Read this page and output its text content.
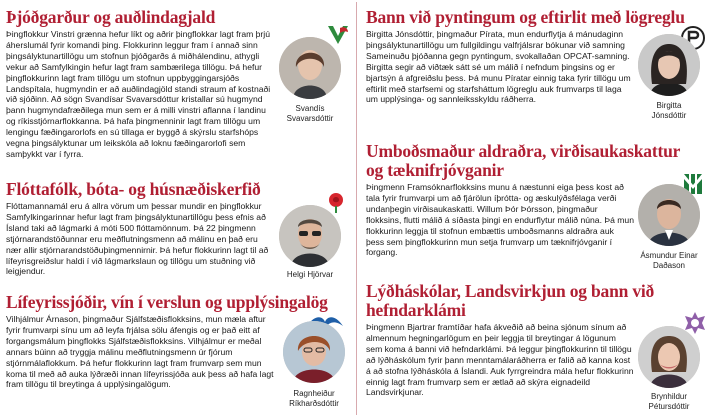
Þjóðgarður og auðlindagjald

Þingflokkur Vinstri grænna hefur líkt og aðrir þingflokkar lagt fram þrjú áherslumál fyrir komandi þing. Flokkurinn leggur fram í annað sinn þingsályktunartillögu um stofnun þjóðgarðs á miðhálendinu, athygli vekur að Samfylkingin hefur lagt fram sambærilega tillögu. Þá hefur þingflokkurinn lagt fram tillögu um stofnun uppbyggingarsjóðs Landspítala, hugmyndin er að auðlindagjöld standi straum af kostnaði við sjóðinn. Að sögn Svandísar Svavarsdóttur kristallar sú hugmynd þann hugmyndafræðilega mun sem er á milli vinstri aflanna í landinu og ríkisstjórnarflokkanna. Þá hafa þingmenninir lagt fram tillögu um lengingu fæðingarorlofs en sú tillaga er byggð á skýrslu starfshóps vegna þingsályktunar um leikskóla að loknu fæðingarorlofi sem samþykkt var í fyrra.

Svandís
Svavarsdóttir
Flóttafólk, bóta- og húsnæðiskerfið

Flóttamannamál eru á allra vörum um þessar mundir en þingflokkur Samfylkingarinnar hefur lagt fram þingsályktunartillögu þess efnis að Ísland taki að lágmarki á móti 500 flóttamönnum. Þá 22 þingmenn stjórnarandstöðunnar eru meðflutningsmenn að málinu en það eru nær allir stjórnarandstöðuþingmennirnir. Þá hefur flokkurinn lagt til að lífeyrisgreiðslur haldi í við lágmarkslaun og tillögu um stuðning við leigjendur.	Helgi Hjörvar
Lífeyrissjóðir, vín í verslun og upplýsingalög

Vilhjálmur Árnason, þingmaður Sjálfstæðisflokksins, mun mæla aftur fyrir frumvarpi sínu um að leyfa frjálsa sölu áfengis og er það eitt af forgangsmálum þingflokks Sjálfstæðisflokksins. Vilhjálmur er meðal annars búinn að tryggja málinu meðflutningsmenn úr fjórum stjórnmálaflokkum. Þá hefur flokkurinn lagt fram frumvarp sem mun koma til með að auka lýðræði innan lífeyrissjóða auk þess að hafa lagt fram tillögu til breytinga á upplýsingalögum.

Ragnheiður
Ríkharðsdóttir
Bann við pyntingum og eftirlit með lögreglu

Birgitta Jónsdóttir, þingmaður Pírata, mun endurflytja á mánudaginn þingsályktunartillögu um fullgildingu valfrjálsrar bókunar við samning Sameinuðu þjóðanna gegn pyntingum, svokallaðan OPCAT-samning. Birgitta segir að viðtæk sátt sé um málið í nefndum þingsins og er bjartsýn á afgreiðslu þess. Þá munu Píratar einnig taka fyrir tillögu um eftirlit með starfsemi og starfsháttum lögreglu auk frumvarps til laga um upplýsinga- og sannleiksskyldu ráðherra.

Birgitta
Jónsdóttir
Umboðsmaður aldraðra, virðisaukaskattur og tæknifrjóvganir

Þingmenn Framsóknarflokksins munu á næstunni eiga þess kost að tala fyrir frumvarpi um að fjárölun íþrótta- og æskulýðsfélaga verði undanþegin virðisaukaskatti. Willum Þór Þórsson, þingmaður flokksins, flutti málið á síðasta þingi en endurflytur málið núna. Þá mun flokkurinn leggja til stofnun embættis umboðsmanns aldraðra auk þess sem þingflokkurinn mun setja frumvarp um tæknifrjóvganir í forgang.	Ásmundur Einar
Daðason
Lýðháskólar, Landsvirkjun og bann við hefndarklámi

Þingmenn Bjartrar framtíðar hafa ákveðið að beina sjónum sínum að almennum hegningarlögum en þeir leggja til breytingar á lögunum sem koma á banni við hefndarklámi. Þá leggur þingflokkurinn til tillögu að lýðháskólum fyrir þann menntamálaráðherra er falið að kanna kost á að stofna lýðháskóla á Íslandi. Auk fyrrgreindra mála hefur flokkurinn einnig lagt fram frumvarp sem er ætlað að skýra eignadeild Landsvirkjunar.	Brynhildur
Pétursdóttir
